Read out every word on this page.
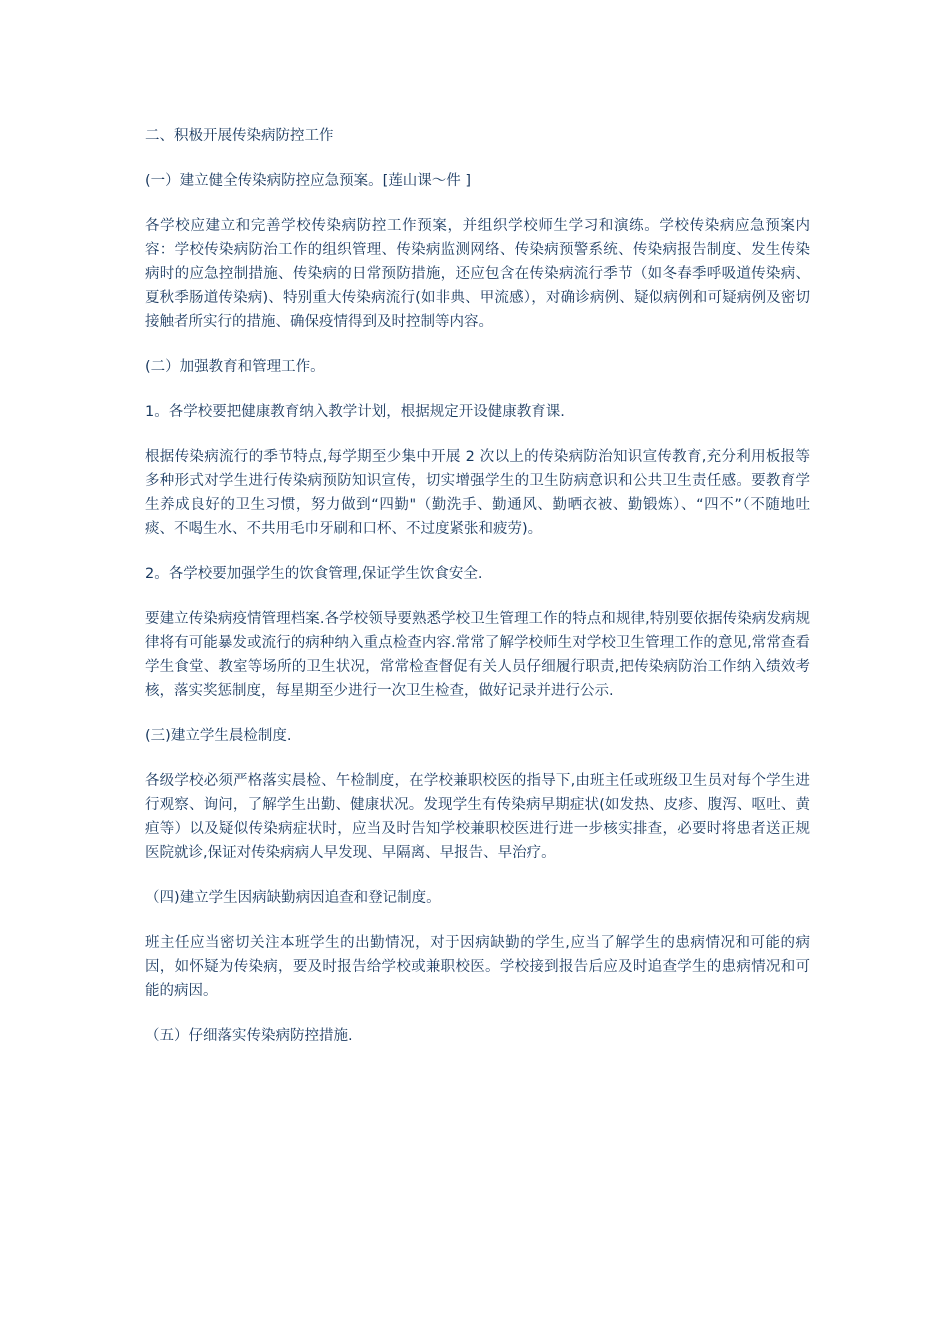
二、积极开展传染病防控工作

(一）建立健全传染病防控应急预案。[莲山课～件 ]

各学校应建立和完善学校传染病防控工作预案，并组织学校师生学习和演练。学校传染病应急预案内容：学校传染病防治工作的组织管理、传染病监测网络、传染病预警系统、传染病报告制度、发生传染病时的应急控制措施、传染病的日常预防措施，还应包含在传染病流行季节（如冬春季呼吸道传染病、夏秋季肠道传染病)、特别重大传染病流行(如非典、甲流感），对确诊病例、疑似病例和可疑病例及密切接触者所实行的措施、确保疫情得到及时控制等内容。

(二）加强教育和管理工作。

1。各学校要把健康教育纳入教学计划，根据规定开设健康教育课.

根据传染病流行的季节特点,每学期至少集中开展 2 次以上的传染病防治知识宣传教育,充分利用板报等多种形式对学生进行传染病预防知识宣传，切实增强学生的卫生防病意识和公共卫生责任感。要教育学生养成良好的卫生习惯，努力做到“四勤"（勤洗手、勤通风、勤晒衣被、勤锻炼）、“四不”（不随地吐痰、不喝生水、不共用毛巾牙刷和口杯、不过度紧张和疲劳)。

2。各学校要加强学生的饮食管理,保证学生饮食安全.

要建立传染病疫情管理档案.各学校领导要熟悉学校卫生管理工作的特点和规律,特别要依据传染病发病规律将有可能暴发或流行的病种纳入重点检查内容.常常了解学校师生对学校卫生管理工作的意见,常常查看学生食堂、教室等场所的卫生状况，常常检查督促有关人员仔细履行职责,把传染病防治工作纳入绩效考核，落实奖惩制度，每星期至少进行一次卫生检查，做好记录并进行公示.

(三)建立学生晨检制度.

各级学校必须严格落实晨检、午检制度，在学校兼职校医的指导下,由班主任或班级卫生员对每个学生进行观察、询问，了解学生出勤、健康状况。发现学生有传染病早期症状(如发热、皮疹、腹泻、呕吐、黄疸等）以及疑似传染病症状时，应当及时告知学校兼职校医进行进一步核实排查，必要时将患者送正规医院就诊,保证对传染病病人早发现、早隔离、早报告、早治疗。

（四)建立学生因病缺勤病因追查和登记制度。

班主任应当密切关注本班学生的出勤情况，对于因病缺勤的学生,应当了解学生的患病情况和可能的病因，如怀疑为传染病，要及时报告给学校或兼职校医。学校接到报告后应及时追查学生的患病情况和可能的病因。

（五）仔细落实传染病防控措施.
